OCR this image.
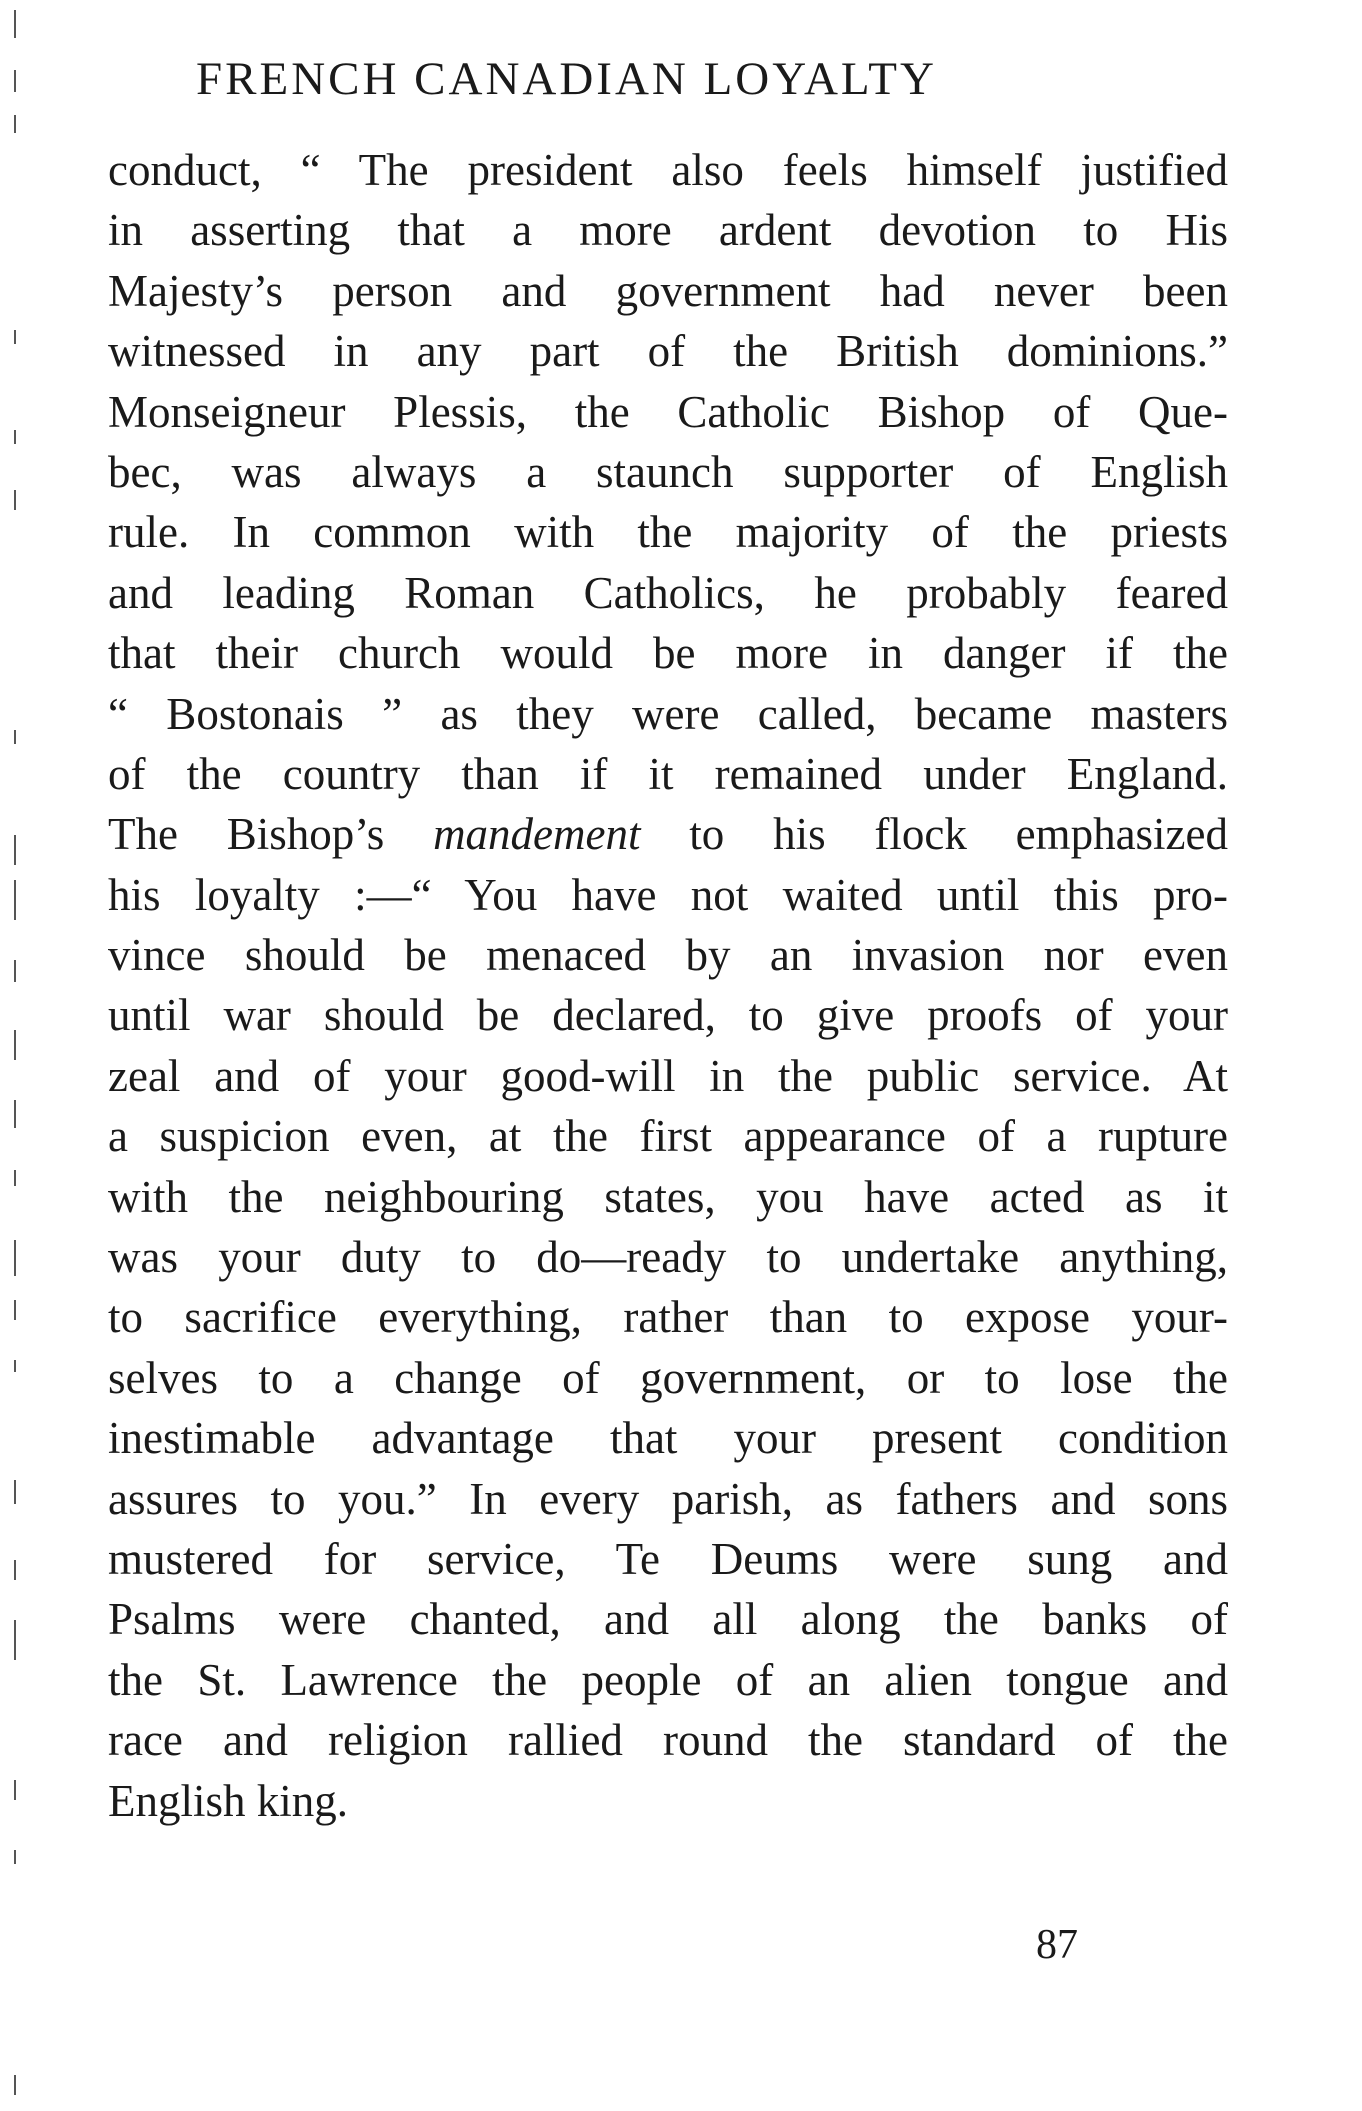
FRENCH CANADIAN LOYALTY
conduct, “ The president also feels himself justified
in asserting that a more ardent devotion to His
Majesty’s person and government had never been
witnessed in any part of the British dominions.”
Monseigneur Plessis, the Catholic Bishop of Que-
bec, was always a staunch supporter of English
rule. In common with the majority of the priests
and leading Roman Catholics, he probably feared
that their church would be more in danger if the
“ Bostonais ” as they were called, became masters
of the country than if it remained under England.
The Bishop’s mandement to his flock emphasized
his loyalty :—“ You have not waited until this pro-
vince should be menaced by an invasion nor even
until war should be declared, to give proofs of your
zeal and of your good-will in the public service. At
a suspicion even, at the first appearance of a rupture
with the neighbouring states, you have acted as it
was your duty to do—ready to undertake anything,
to sacrifice everything, rather than to expose your-
selves to a change of government, or to lose the
inestimable advantage that your present condition
assures to you.” In every parish, as fathers and sons
mustered for service, Te Deums were sung and
Psalms were chanted, and all along the banks of
the St. Lawrence the people of an alien tongue and
race and religion rallied round the standard of the
English king.
87
